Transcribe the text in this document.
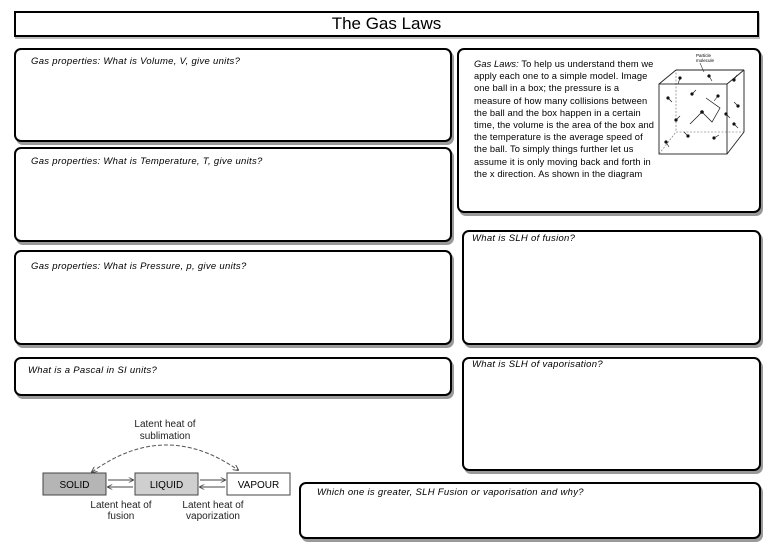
The Gas Laws
Gas properties: What is Volume, V, give units?
Gas properties: What is Temperature, T, give units?
Gas properties: What is Pressure, p, give units?
What is a Pascal in SI units?
Gas Laws: To help us understand them we apply each one to a simple model. Image one ball in a box; the pressure is a measure of how many collisions between the ball and the box happen in a certain time, the volume is the area of the box and the temperature is the average speed of the ball. To simply things further let us assume it is only moving back and forth in the x direction. As shown in the diagram
Particle
molecule
What is SLH of fusion?
What is SLH of vaporisation?
Which one is greater, SLH Fusion or vaporisation and why?
Latent heat of
sublimation
SOLID	LIQUID	VAPOUR
Latent heat of
fusion
Latent heat of
vaporization
